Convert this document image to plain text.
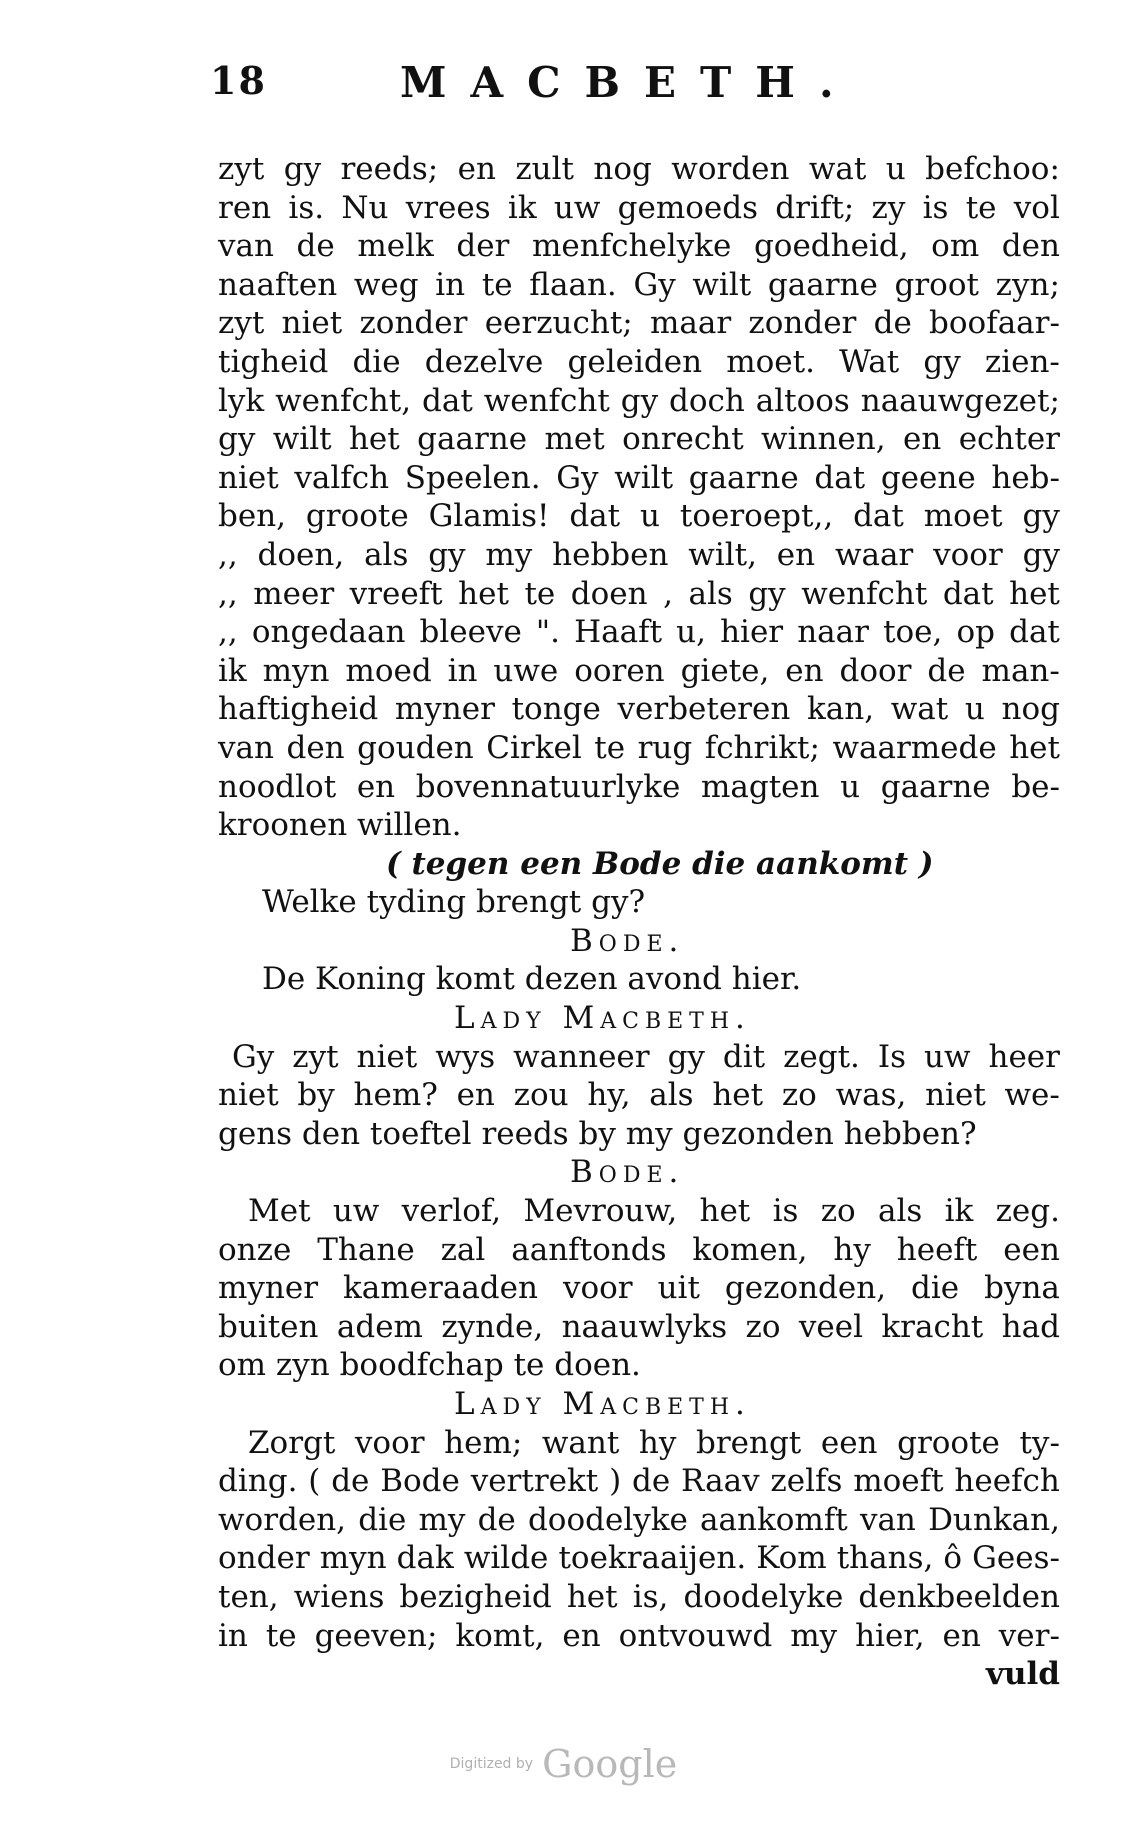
18	MACBETH.
zyt gy reeds; en zult nog worden wat u befchoo:
ren is. Nu vrees ik uw gemoeds drift; zy is te vol
van de melk der menfchelyke goedheid, om den
naaften weg in te flaan. Gy wilt gaarne groot zyn;
zyt niet zonder eerzucht; maar zonder de boofaar-
tigheid die dezelve geleiden moet. Wat gy zien-
lyk wenfcht, dat wenfcht gy doch altoos naauwgezet;
gy wilt het gaarne met onrecht winnen, en echter
niet valfch Speelen. Gy wilt gaarne dat geene heb-
ben, groote Glamis! dat u toeroept,, dat moet gy
,, doen, als gy my hebben wilt, en waar voor gy
,, meer vreeft het te doen , als gy wenfcht dat het
,, ongedaan bleeve ". Haaft u, hier naar toe, op dat
ik myn moed in uwe ooren giete, en door de man-
haftigheid myner tonge verbeteren kan, wat u nog
van den gouden Cirkel te rug fchrikt; waarmede het
noodlot en bovennatuurlyke magten u gaarne be-
kroonen willen.
( tegen een Bode die aankomt )
Welke tyding brengt gy?
Bode.
De Koning komt dezen avond hier.
Lady Macbeth.
Gy zyt niet wys wanneer gy dit zegt. Is uw heer
niet by hem? en zou hy, als het zo was, niet we-
gens den toeftel reeds by my gezonden hebben?
Bode.
Met uw verlof, Mevrouw, het is zo als ik zeg.
onze Thane zal aanftonds komen, hy heeft een
myner kameraaden voor uit gezonden, die byna
buiten adem zynde, naauwlyks zo veel kracht had
om zyn boodfchap te doen.
Lady Macbeth.
Zorgt voor hem; want hy brengt een groote ty-
ding. ( de Bode vertrekt ) de Raav zelfs moeft heefch
worden, die my de doodelyke aankomft van Dunkan,
onder myn dak wilde toekraaijen. Kom thans, ô Gees-
ten, wiens bezigheid het is, doodelyke denkbeelden
in te geeven; komt, en ontvouwd my hier, en ver-
vuld
Digitized by Google
